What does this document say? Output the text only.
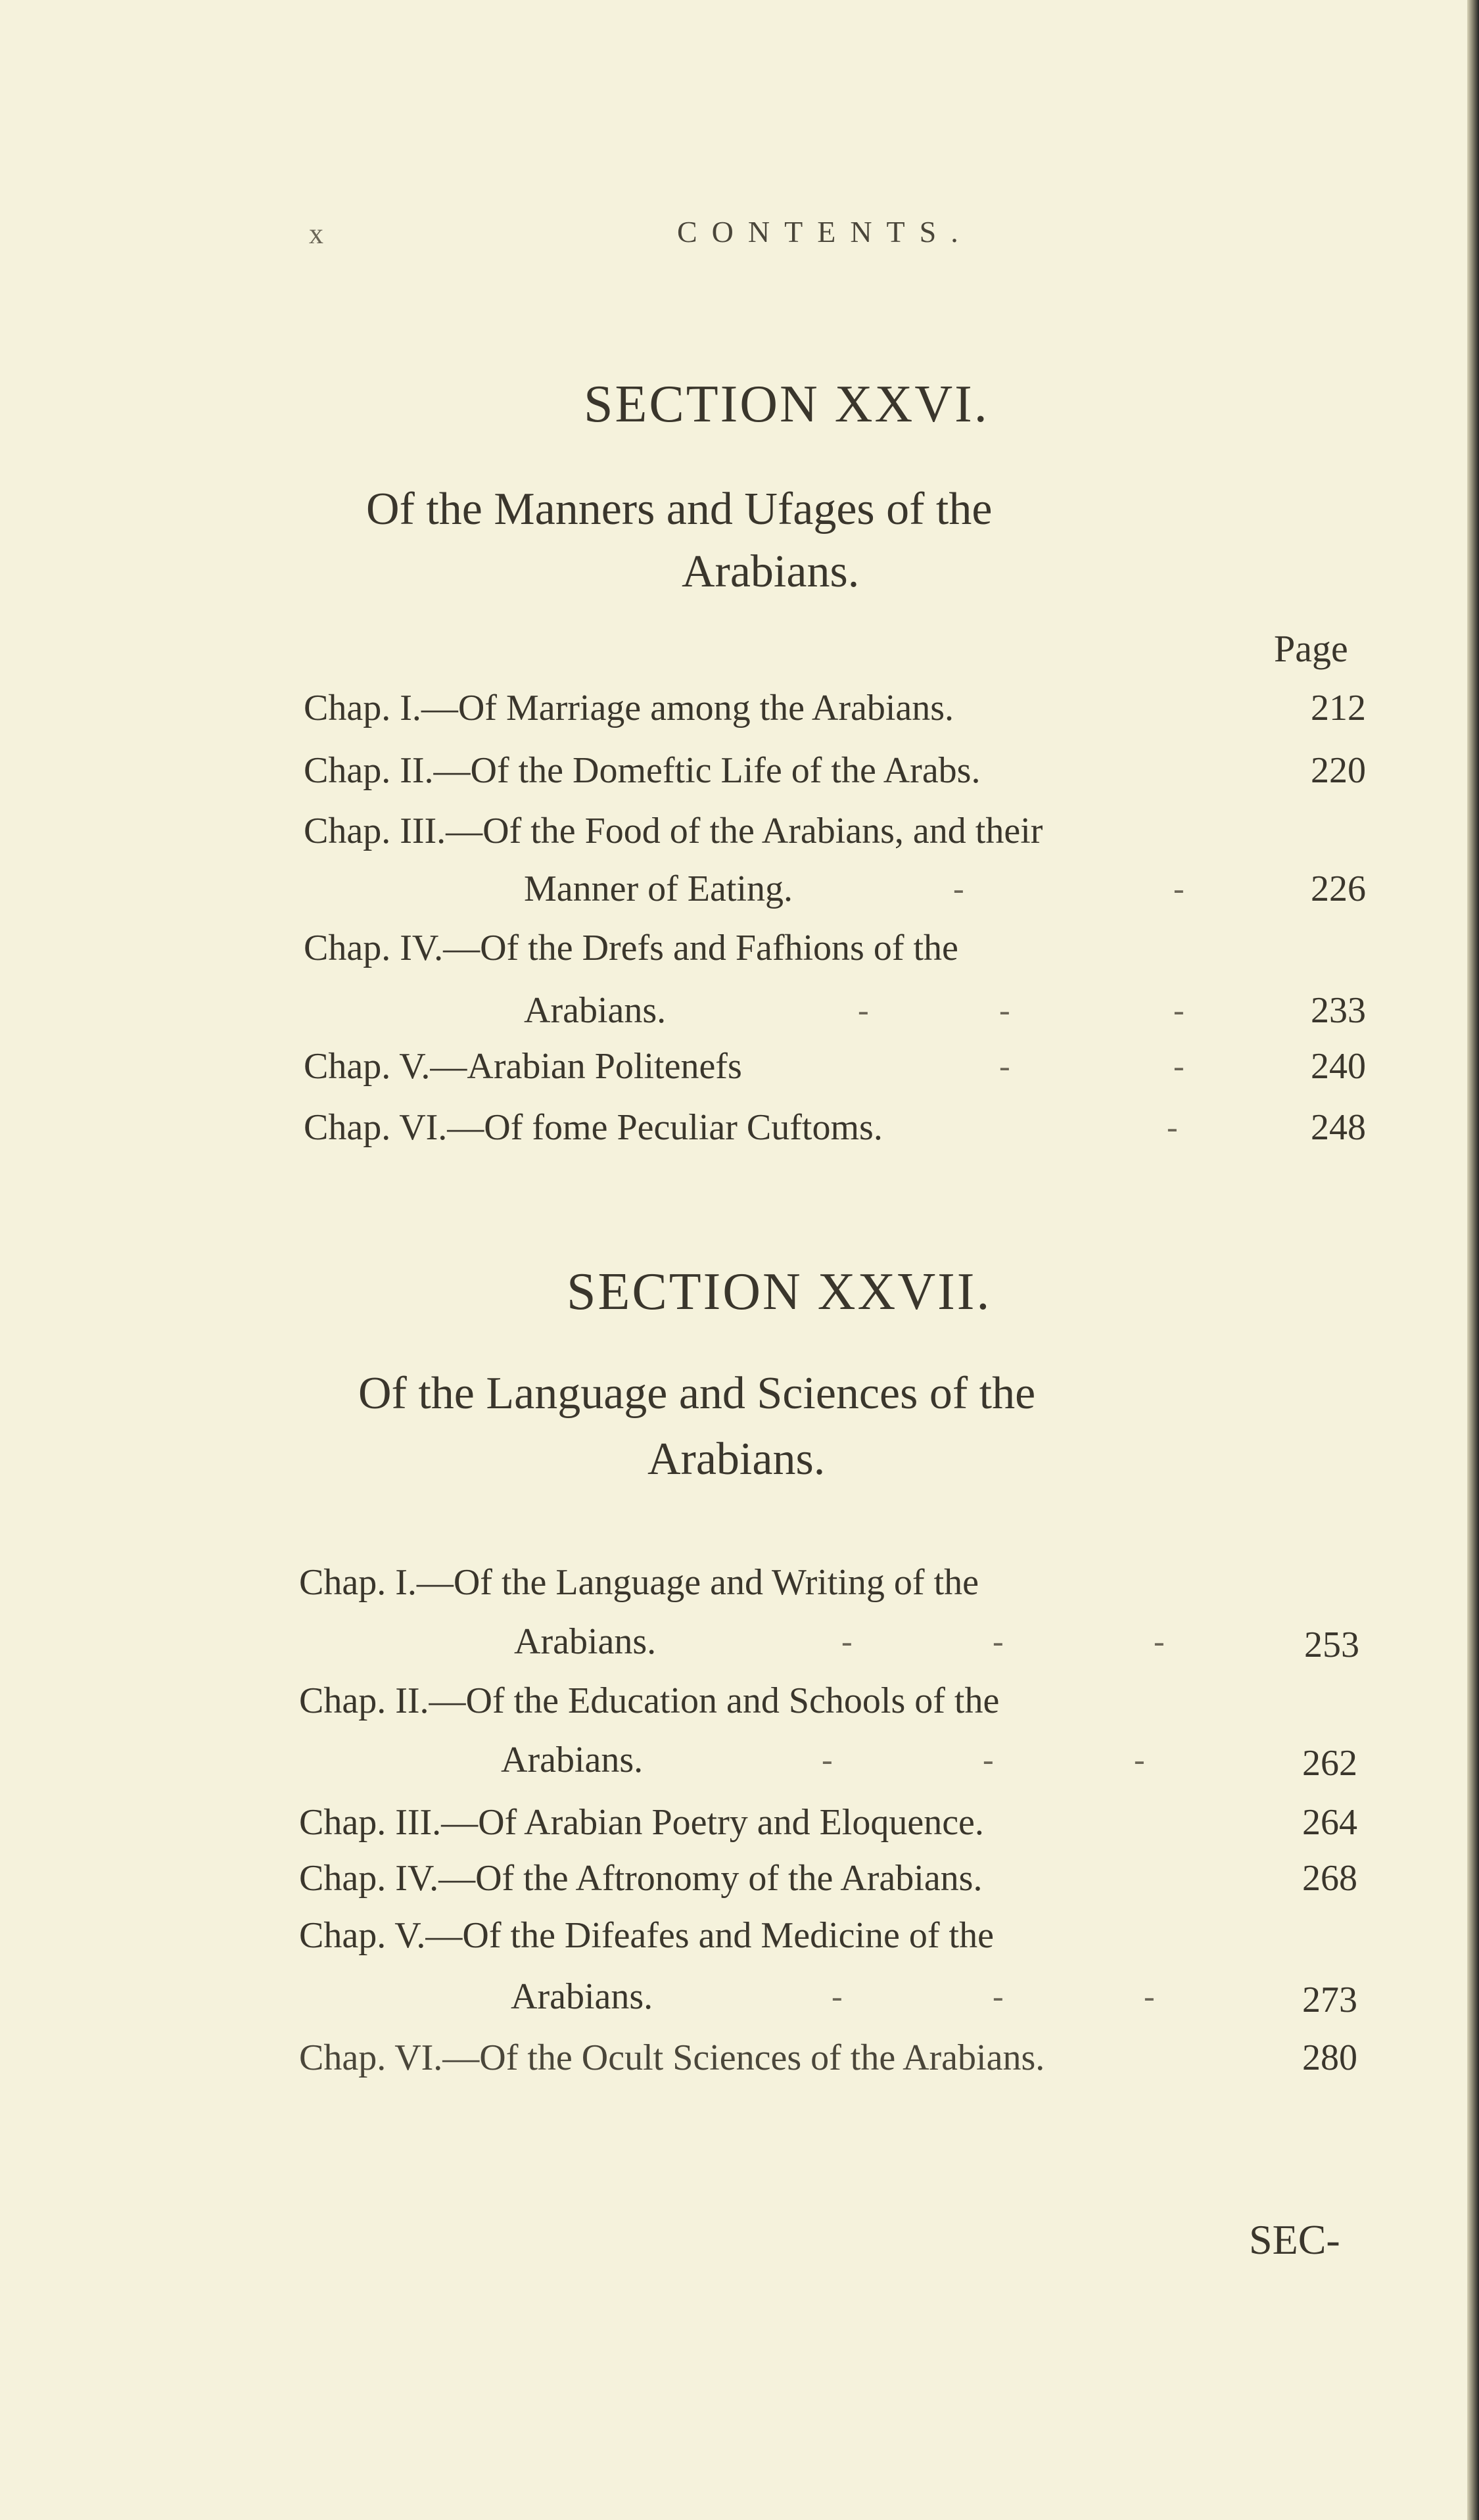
x	CONTENTS.
SECTION XXVI.
Of the Manners and Ufages of the
Arabians.
Page
Chap. I.—Of Marriage among the Arabians.	212
Chap. II.—Of the Domeftic Life of the Arabs.	220
Chap. III.—Of the Food of the Arabians, and their
Manner of Eating.	-	-	226
Chap. IV.—Of the Drefs and Fafhions of the
Arabians.	-	-	-	233
Chap. V.—Arabian Politenefs	-	-	240
Chap. VI.—Of fome Peculiar Cuftoms.	-	248
SECTION XXVII.
Of the Language and Sciences of the
Arabians.
Chap. I.—Of the Language and Writing of the
Arabians.	-	-	-	253
Chap. II.—Of the Education and Schools of the
Arabians.	-	-	-	262
Chap. III.—Of Arabian Poetry and Eloquence.	264
Chap. IV.—Of the Aftronomy of the Arabians.	268
Chap. V.—Of the Difeafes and Medicine of the
Arabians.	-	-	-	273
Chap. VI.—Of the Ocult Sciences of the Arabians.	280
SEC-
